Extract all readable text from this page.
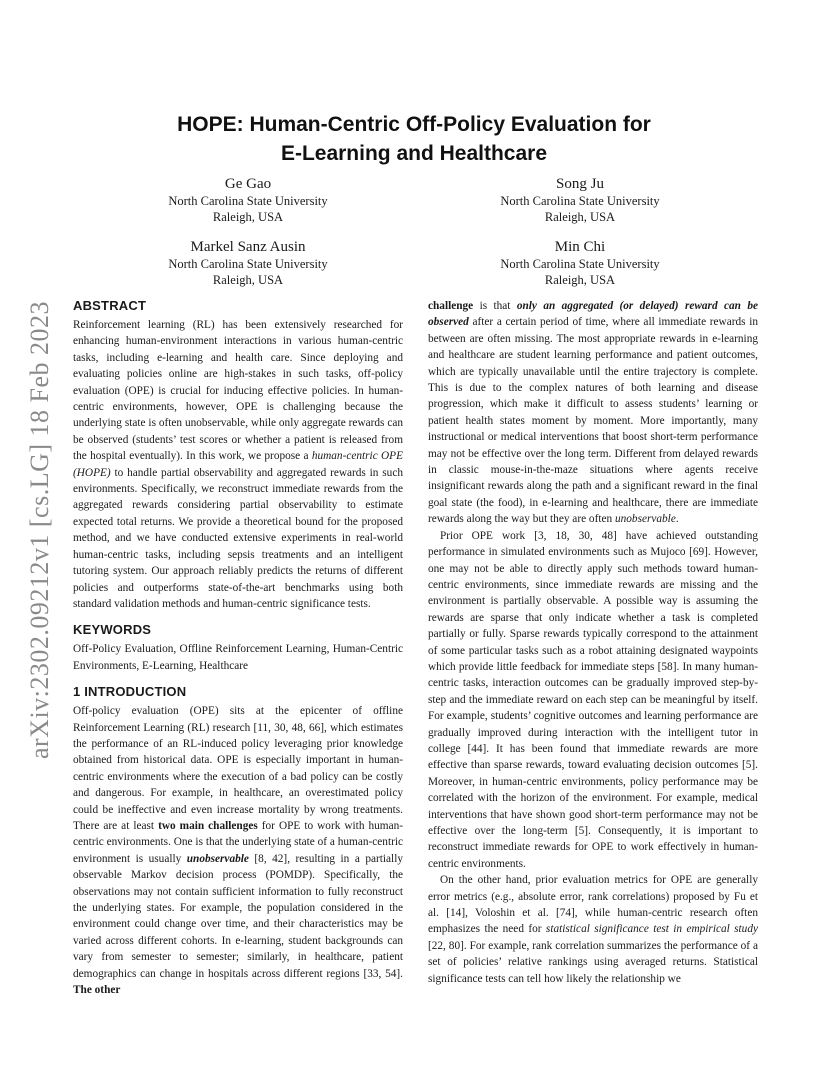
arXiv:2302.09212v1 [cs.LG] 18 Feb 2023
HOPE: Human-Centric Off-Policy Evaluation for
E-Learning and Healthcare
Ge Gao
North Carolina State University
Raleigh, USA
Song Ju
North Carolina State University
Raleigh, USA
Markel Sanz Ausin
North Carolina State University
Raleigh, USA
Min Chi
North Carolina State University
Raleigh, USA
ABSTRACT

Reinforcement learning (RL) has been extensively researched for enhancing human-environment interactions in various human-centric tasks, including e-learning and health care. Since deploying and evaluating policies online are high-stakes in such tasks, off-policy evaluation (OPE) is crucial for inducing effective policies. In human-centric environments, however, OPE is challenging because the underlying state is often unobservable, while only aggregate rewards can be observed (students’ test scores or whether a patient is released from the hospital eventually). In this work, we propose a human-centric OPE (HOPE) to handle partial observability and aggregated rewards in such environments. Specifically, we reconstruct immediate rewards from the aggregated rewards considering partial observability to estimate expected total returns. We provide a theoretical bound for the proposed method, and we have conducted extensive experiments in real-world human-centric tasks, including sepsis treatments and an intelligent tutoring system. Our approach reliably predicts the returns of different policies and outperforms state-of-the-art benchmarks using both standard validation methods and human-centric significance tests.

KEYWORDS

Off-Policy Evaluation, Offline Reinforcement Learning, Human-Centric Environments, E-Learning, Healthcare

1 INTRODUCTION

Off-policy evaluation (OPE) sits at the epicenter of offline Reinforcement Learning (RL) research [11, 30, 48, 66], which estimates the performance of an RL-induced policy leveraging prior knowledge obtained from historical data. OPE is especially important in human-centric environments where the execution of a bad policy can be costly and dangerous. For example, in healthcare, an overestimated policy could be ineffective and even increase mortality by wrong treatments. There are at least two main challenges for OPE to work with human-centric environments. One is that the underlying state of a human-centric environment is usually unobservable [8, 42], resulting in a partially observable Markov decision process (POMDP). Specifically, the observations may not contain sufficient information to fully reconstruct the underlying states. For example, the population considered in the environment could change over time, and their characteristics may be varied across different cohorts. In e-learning, student backgrounds can vary from semester to semester; similarly, in healthcare, patient demographics can change in hospitals across different regions [33, 54]. The other

challenge is that only an aggregated (or delayed) reward can be observed after a certain period of time, where all immediate rewards in between are often missing. The most appropriate rewards in e-learning and healthcare are student learning performance and patient outcomes, which are typically unavailable until the entire trajectory is complete. This is due to the complex natures of both learning and disease progression, which make it difficult to assess students’ learning or patient health states moment by moment. More importantly, many instructional or medical interventions that boost short-term performance may not be effective over the long term. Different from delayed rewards in classic mouse-in-the-maze situations where agents receive insignificant rewards along the path and a significant reward in the final goal state (the food), in e-learning and healthcare, there are immediate rewards along the way but they are often unobservable.

Prior OPE work [3, 18, 30, 48] have achieved outstanding performance in simulated environments such as Mujoco [69]. However, one may not be able to directly apply such methods toward human-centric environments, since immediate rewards are missing and the environment is partially observable. A possible way is assuming the rewards are sparse that only indicate whether a task is completed partially or fully. Sparse rewards typically correspond to the attainment of some particular tasks such as a robot attaining designated waypoints which provide little feedback for immediate steps [58]. In many human-centric tasks, interaction outcomes can be gradually improved step-by-step and the immediate reward on each step can be meaningful by itself. For example, students’ cognitive outcomes and learning performance are gradually improved during interaction with the intelligent tutor in college [44]. It has been found that immediate rewards are more effective than sparse rewards, toward evaluating decision outcomes [5]. Moreover, in human-centric environments, policy performance may be correlated with the horizon of the environment. For example, medical interventions that have shown good short-term performance may not be effective over the long-term [5]. Consequently, it is important to reconstruct immediate rewards for OPE to work effectively in human-centric environments.

On the other hand, prior evaluation metrics for OPE are generally error metrics (e.g., absolute error, rank correlations) proposed by Fu et al. [14], Voloshin et al. [74], while human-centric research often emphasizes the need for statistical significance test in empirical study [22, 80]. For example, rank correlation summarizes the performance of a set of policies’ relative rankings using averaged returns. Statistical significance tests can tell how likely the relationship we
